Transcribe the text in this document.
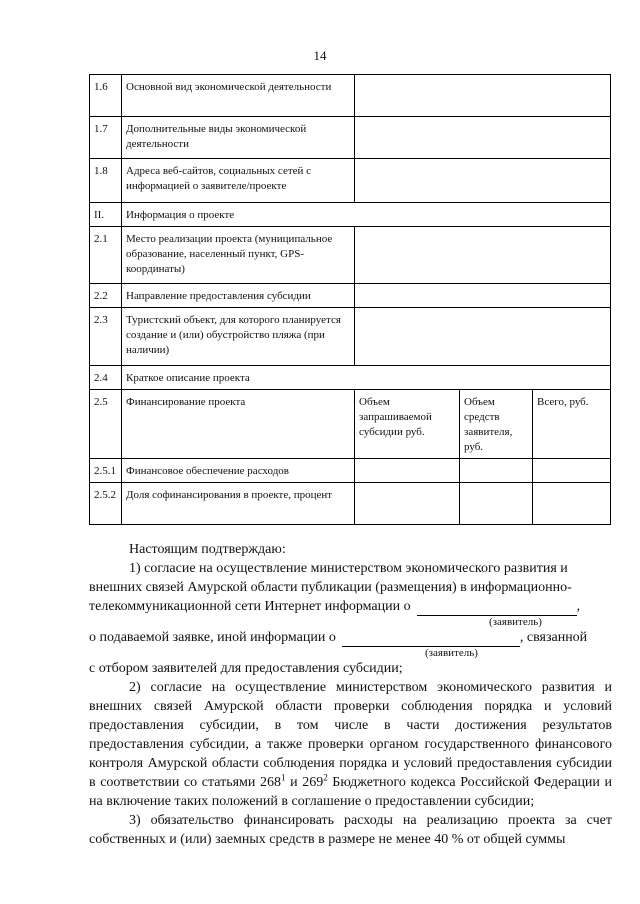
14
1.6	Основной вид экономической деятельности			
1.7	Дополнительные виды экономической деятельности			
1.8	Адреса веб-сайтов, социальных сетей с информацией о заявителе/проекте			
II.	Информация о проекте			
2.1	Место реализации проекта (муниципальное образование, населенный пункт, GPS-координаты)			
2.2	Направление предоставления субсидии			
2.3	Туристский объект, для которого планируется создание и (или) обустройство пляжа (при наличии)			
2.4	Краткое описание проекта			
2.5	Финансирование проекта	Объем запрашиваемой субсидии руб.	Объем средств заявителя, руб.	Всего, руб.
2.5.1	Финансовое обеспечение расходов			
2.5.2	Доля софинансирования в проекте, процент			
Настоящим подтверждаю:
1) согласие на осуществление министерством экономического развития и
внешних связей Амурской области публикации (размещения) в информационно-
телекоммуникационной сети Интернет информации о	,
(заявитель)
о подаваемой заявке, иной информации о	, связанной
(заявитель)
с отбором заявителей для предоставления субсидии;

2) согласие на осуществление министерством экономического развития и внешних связей Амурской области проверки соблюдения порядка и условий предоставления субсидии, в том числе в части достижения результатов предоставления субсидии, а также проверки органом государственного финансового контроля Амурской области соблюдения порядка и условий предоставления субсидии в соответствии со статьями $268^1$ и $269^2$ Бюджетного кодекса Российской Федерации и на включение таких положений в соглашение о предоставлении субсидии;

3) обязательство финансировать расходы на реализацию проекта за счет собственных и (или) заемных средств в размере не менее 40 % от общей суммы
